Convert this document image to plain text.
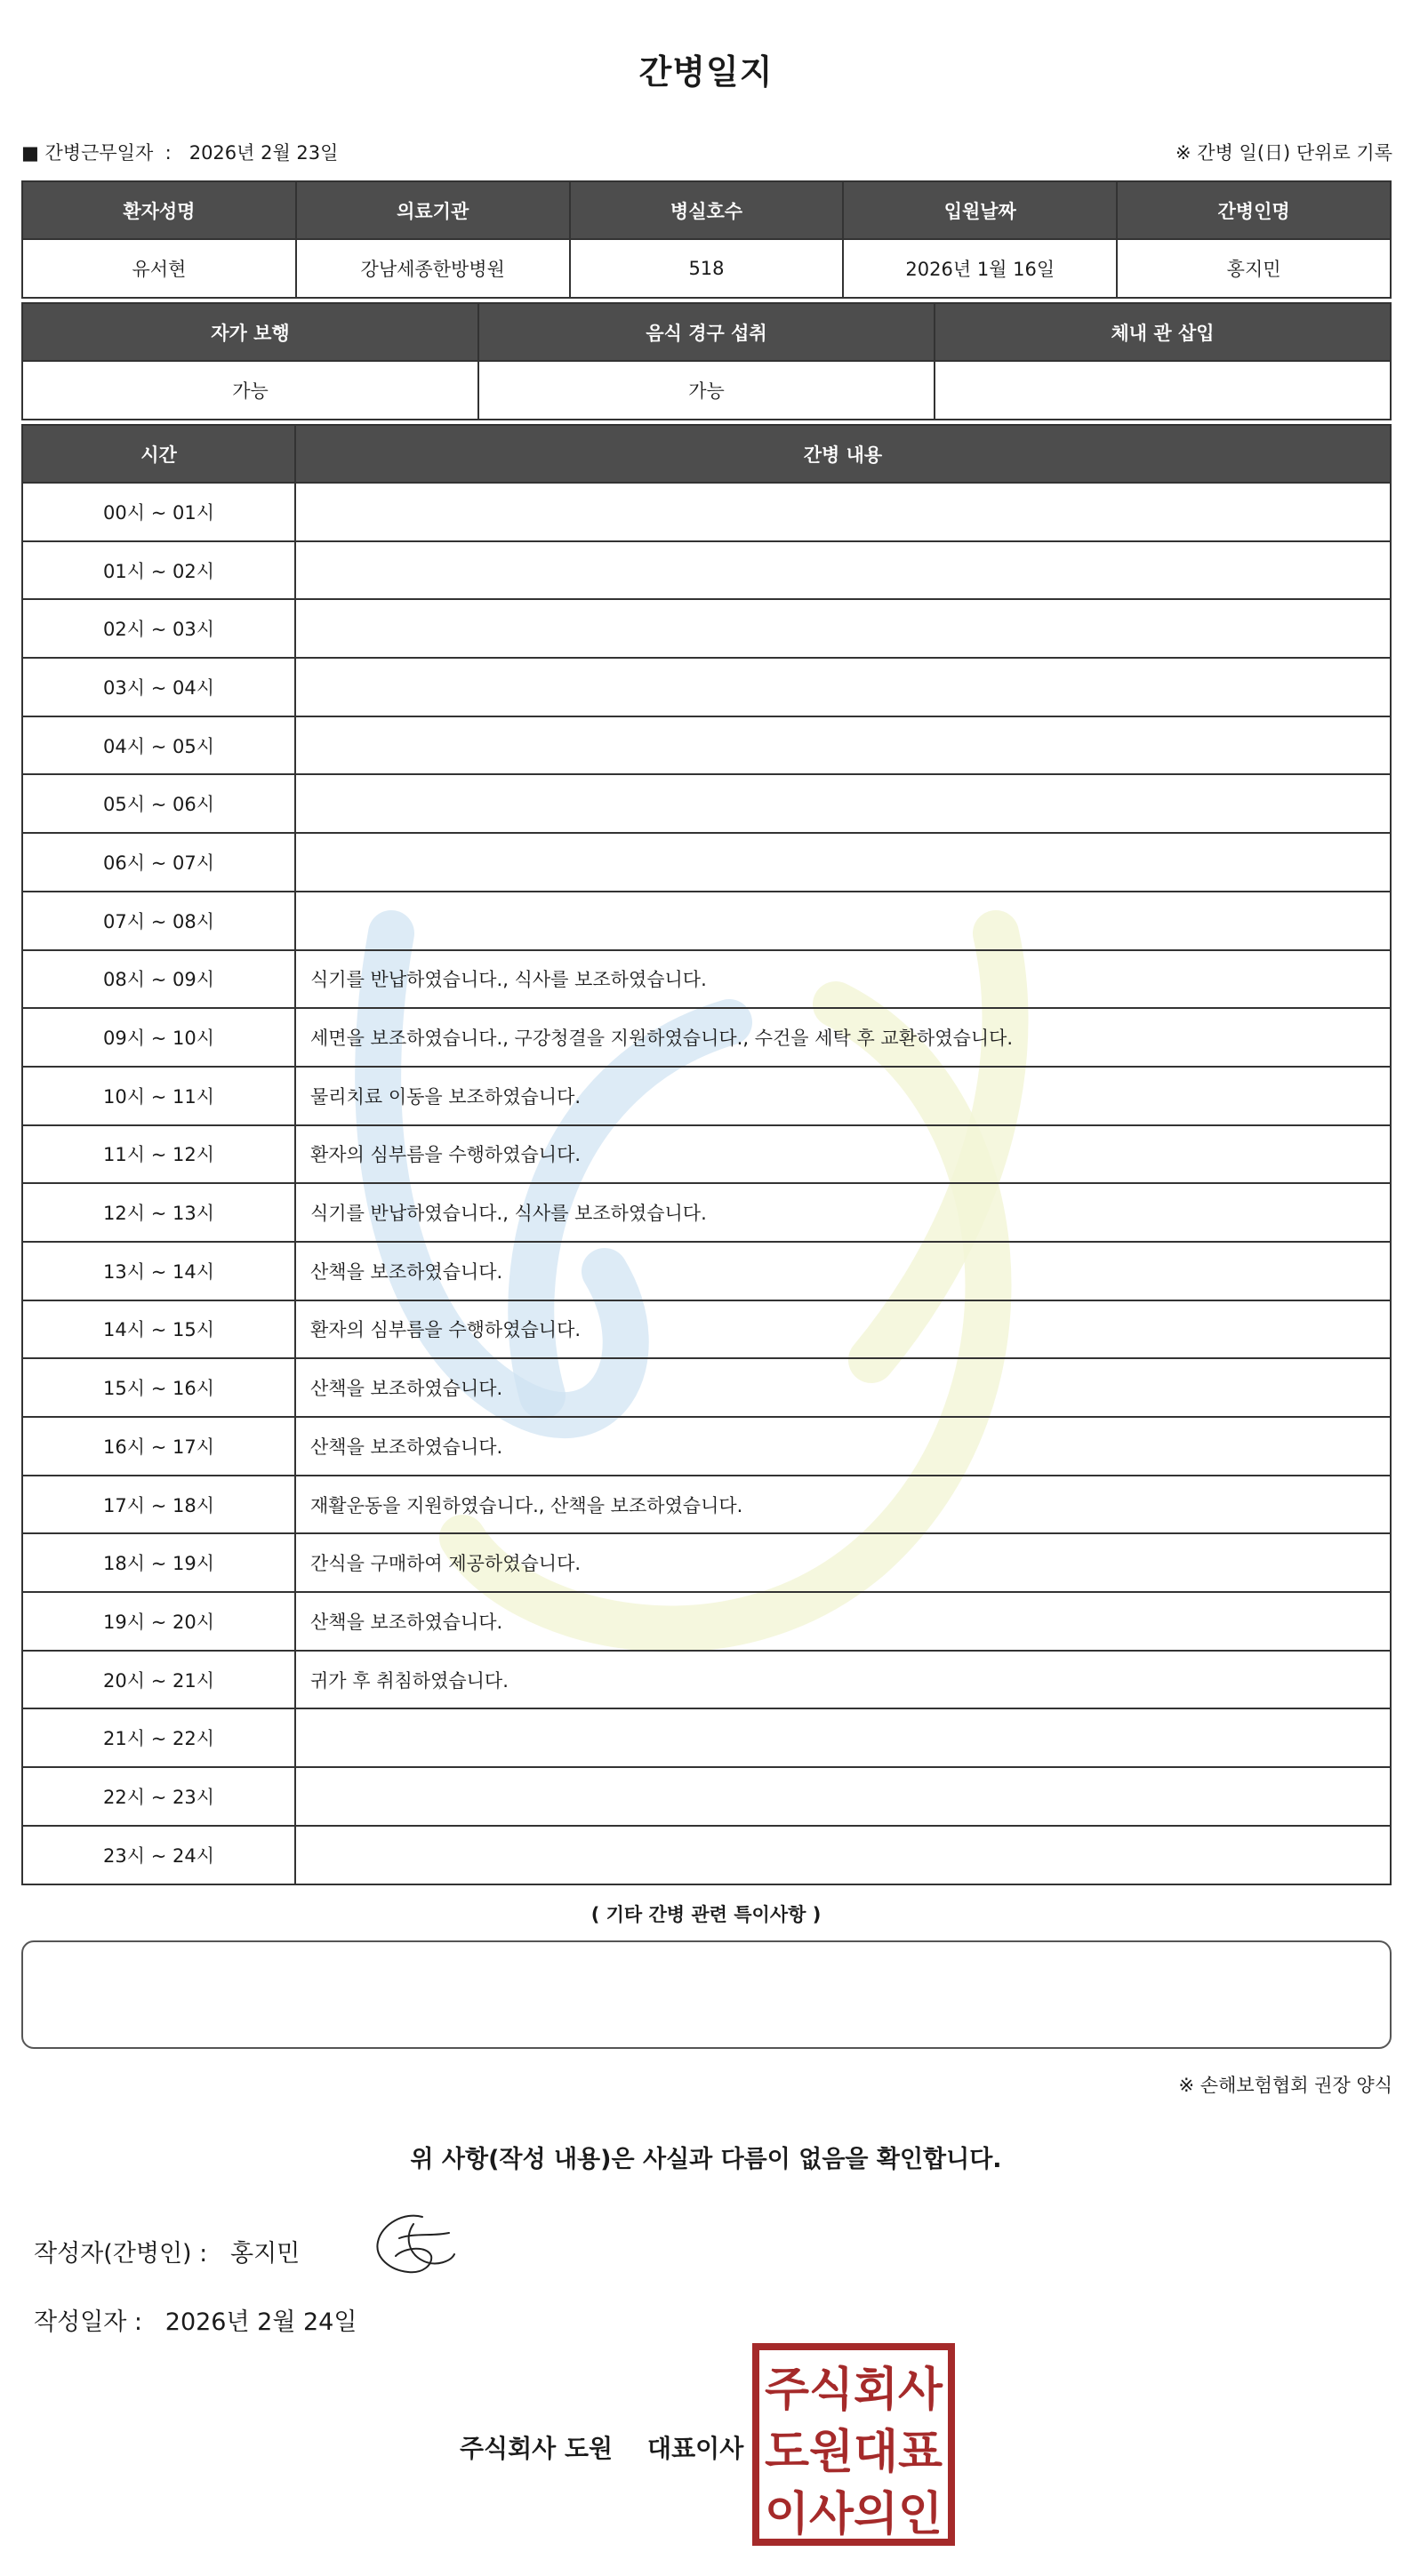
간병일지
■ 간병근무일자 : 2026년 2월 23일	※ 간병 일(日) 단위로 기록
환자성명	의료기관	병실호수	입원날짜	간병인명
유서현	강남세종한방병원	518	2026년 1월 16일	홍지민
자가 보행	음식 경구 섭취	체내 관 삽입
가능	가능	
시간	간병 내용
00시 ~ 01시	
01시 ~ 02시	
02시 ~ 03시	
03시 ~ 04시	
04시 ~ 05시	
05시 ~ 06시	
06시 ~ 07시	
07시 ~ 08시	
08시 ~ 09시	식기를 반납하였습니다., 식사를 보조하였습니다.
09시 ~ 10시	세면을 보조하였습니다., 구강청결을 지원하였습니다., 수건을 세탁 후 교환하였습니다.
10시 ~ 11시	물리치료 이동을 보조하였습니다.
11시 ~ 12시	환자의 심부름을 수행하였습니다.
12시 ~ 13시	식기를 반납하였습니다., 식사를 보조하였습니다.
13시 ~ 14시	산책을 보조하였습니다.
14시 ~ 15시	환자의 심부름을 수행하였습니다.
15시 ~ 16시	산책을 보조하였습니다.
16시 ~ 17시	산책을 보조하였습니다.
17시 ~ 18시	재활운동을 지원하였습니다., 산책을 보조하였습니다.
18시 ~ 19시	간식을 구매하여 제공하였습니다.
19시 ~ 20시	산책을 보조하였습니다.
20시 ~ 21시	귀가 후 취침하였습니다.
21시 ~ 22시	
22시 ~ 23시	
23시 ~ 24시	
( 기타 간병 관련 특이사항 )
※ 손해보험협회 권장 양식
위 사항(작성 내용)은 사실과 다름이 없음을 확인합니다.
작성자(간병인) : 홍지민
작성일자 : 2026년 2월 24일
주식회사 도원 대표이사
주식회사
도원대표
이사의인
